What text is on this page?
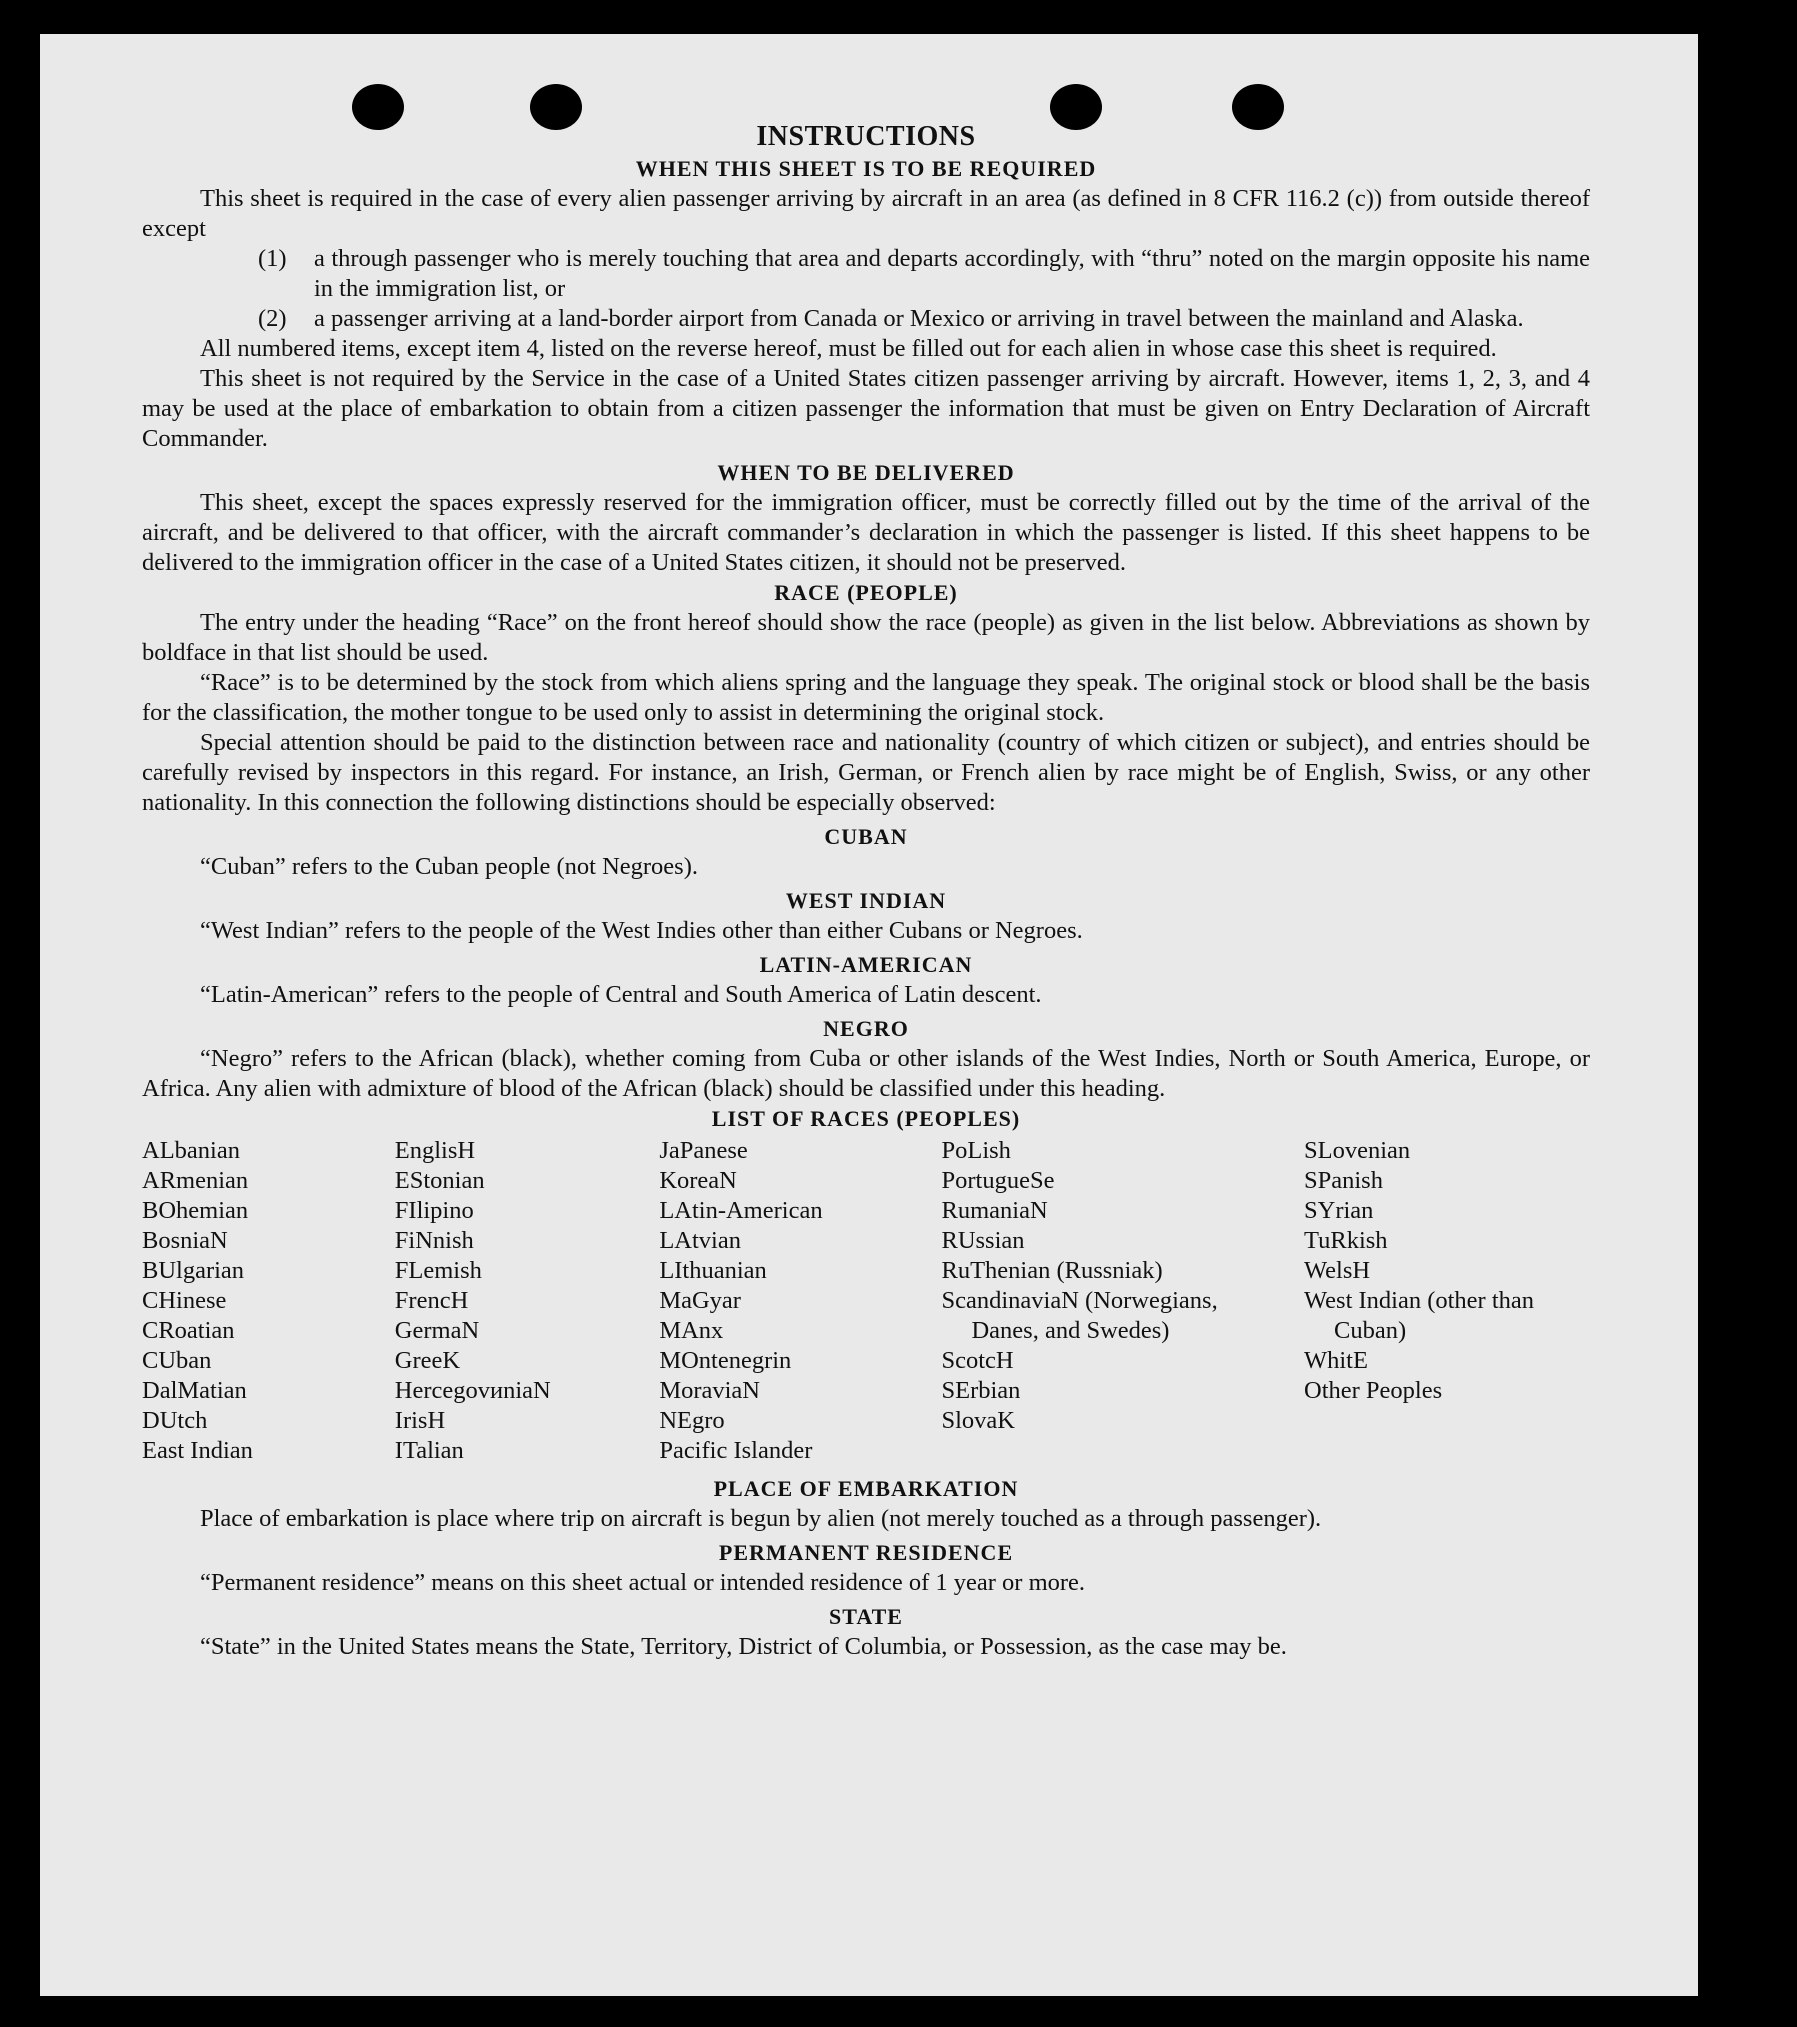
INSTRUCTIONS
WHEN THIS SHEET IS TO BE REQUIRED

This sheet is required in the case of every alien passenger arriving by aircraft in an area (as defined in 8 CFR 116.2 (c)) from outside thereof except

(1)	a through passenger who is merely touching that area and departs accordingly, with “thru” noted on the margin opposite his name in the immigration list, or
(2)	a passenger arriving at a land-border airport from Canada or Mexico or arriving in travel between the mainland and Alaska.

All numbered items, except item 4, listed on the reverse hereof, must be filled out for each alien in whose case this sheet is required.

This sheet is not required by the Service in the case of a United States citizen passenger arriving by aircraft. However, items 1, 2, 3, and 4 may be used at the place of embarkation to obtain from a citizen passenger the information that must be given on Entry Declaration of Aircraft Commander.

WHEN TO BE DELIVERED

This sheet, except the spaces expressly reserved for the immigration officer, must be correctly filled out by the time of the arrival of the aircraft, and be delivered to that officer, with the aircraft commander’s declaration in which the passenger is listed. If this sheet happens to be delivered to the immigration officer in the case of a United States citizen, it should not be preserved.

RACE (PEOPLE)

The entry under the heading “Race” on the front hereof should show the race (people) as given in the list below. Abbreviations as shown by boldface in that list should be used.

“Race” is to be determined by the stock from which aliens spring and the language they speak. The original stock or blood shall be the basis for the classification, the mother tongue to be used only to assist in determining the original stock.

Special attention should be paid to the distinction between race and nationality (country of which citizen or subject), and entries should be carefully revised by inspectors in this regard. For instance, an Irish, German, or French alien by race might be of English, Swiss, or any other nationality. In this connection the following distinctions should be especially observed:

CUBAN

“Cuban” refers to the Cuban people (not Negroes).

WEST INDIAN

“West Indian” refers to the people of the West Indies other than either Cubans or Negroes.

LATIN-AMERICAN

“Latin-American” refers to the people of Central and South America of Latin descent.

NEGRO

“Negro” refers to the African (black), whether coming from Cuba or other islands of the West Indies, North or South America, Europe, or Africa. Any alien with admixture of blood of the African (black) should be classified under this heading.

LIST OF RACES (PEOPLES)
ALbanian
ARmenian
BOhemian
BosniaN
BUlgarian
CHinese
CRoatian
CUban
DalMatian
DUtch
East Indian
EnglisH
EStonian
FIlipino
FiNnish
FLemish
FrencH
GermaN
GreeK
HercegovиniaN
IrisH
ITalian
JaPanese
KoreaN
LAtin-American
LAtvian
LIthuanian
MaGyar
MAnx
MOntenegrin
MoraviaN
NEgro
Pacific Islander
PoLish
PortugueSe
RumaniaN
RUssian
RuThenian (Russniak)
ScandinaviaN (Norwegians, Danes, and Swedes)
ScotcH
SErbian
SlovaK
SLovenian
SPanish
SYrian
TuRkish
WelsH
West Indian (other than Cuban)
WhitE
Other Peoples
PLACE OF EMBARKATION

Place of embarkation is place where trip on aircraft is begun by alien (not merely touched as a through passenger).

PERMANENT RESIDENCE

“Permanent residence” means on this sheet actual or intended residence of 1 year or more.

STATE

“State” in the United States means the State, Territory, District of Columbia, or Possession, as the case may be.
